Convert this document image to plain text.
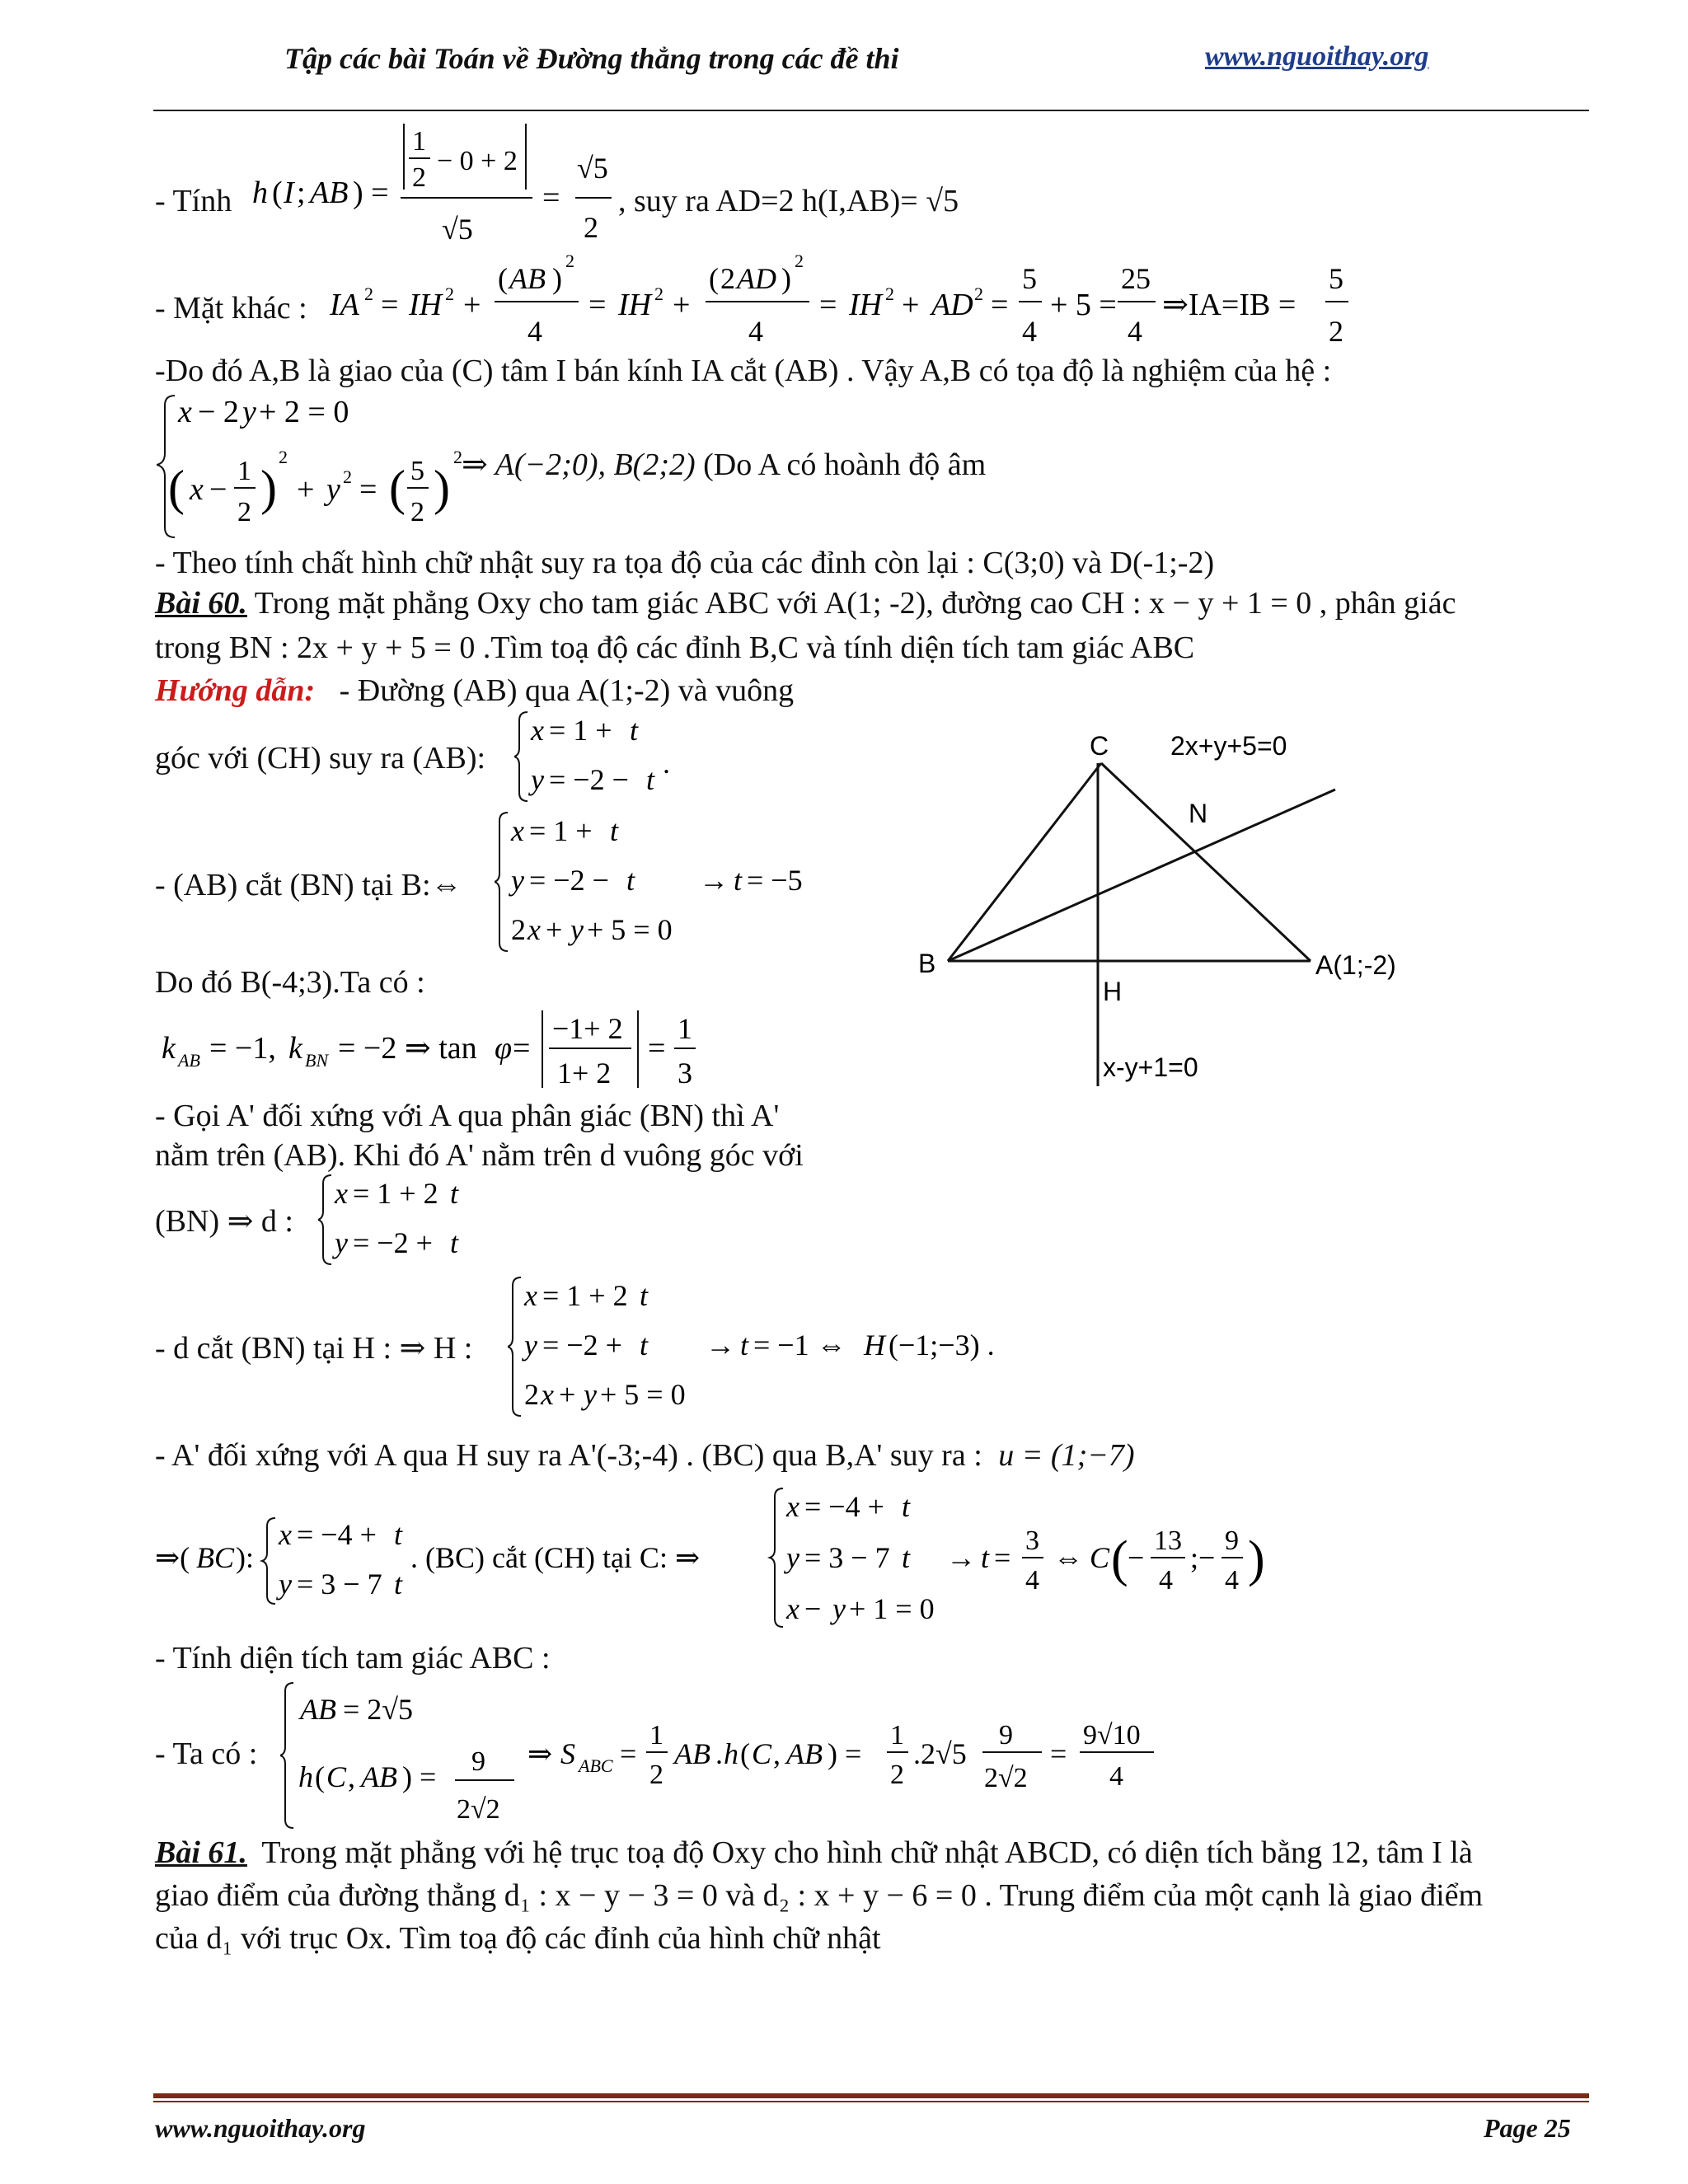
Tập các bài Toán về Đường thẳng trong các đề thi	www.nguoithay.org
- Tính h ( I ; AB ) =
1
2
− 0 + 2
√5
=
√5
2
, suy ra AD=2 h(I,AB)= √5
- Mặt khác : IA 2 = IH 2 +
( AB )
2
4
= IH 2 +
( 2 AD )
2
4
= IH 2 + AD 2 =
5
4
+ 5 =
25
4
⇒IA=IB =
5
2
-Do đó A,B là giao của (C) tâm I bán kính IA cắt (AB) . Vậy A,B có tọa độ là nghiệm của hệ :
x − 2 y + 2 = 0
( x −
1
2 )
2
+ y 2 = ( 5
2 )
2 ⇒ A(−2;0), B(2;2) (Do A có hoành độ âm
- Theo tính chất hình chữ nhật suy ra tọa độ của các đỉnh còn lại : C(3;0) và D(-1;-2)
Bài 60. Trong mặt phẳng Oxy cho tam giác ABC với A(1; -2), đường cao CH : x − y + 1 = 0 , phân giác
trong BN : 2x + y + 5 = 0 .Tìm toạ độ các đỉnh B,C và tính diện tích tam giác ABC
Hướng dẫn: - Đường (AB) qua A(1;-2) và vuông
góc với (CH) suy ra (AB):
x = 1 + t
y = −2 − t .
- (AB) cắt (BN) tại B:⇔
x = 1 + t
y = −2 − t
2 x + y + 5 = 0
→ t = −5
Do đó B(-4;3).Ta có :
k AB = −1, k BN = −2 ⇒ tan φ =
−1+ 2
1+ 2
=
1
3
- Gọi A' đối xứng với A qua phân giác (BN) thì A'
nằm trên (AB). Khi đó A' nằm trên d vuông góc với
(BN) ⇒ d :
x = 1 + 2 t
y = −2 + t
- d cắt (BN) tại H : ⇒ H :
x = 1 + 2 t
y = −2 + t
2 x + y + 5 = 0
→ t = −1 ⇔ H (−1;−3) .
- A' đối xứng với A qua H suy ra A'(-3;-4) . (BC) qua B,A' suy ra : u = (1;−7)
⇒( BC ):
x = −4 + t
y = 3 − 7 t
. (BC) cắt (CH) tại C: ⇒
x = −4 + t
y = 3 − 7 t
x − y + 1 = 0
→ t =
3
4
⇔ C ( −
13
4
;−
9
4 )
- Tính diện tích tam giác ABC :
- Ta có :
AB = 2√5
h ( C , AB ) = 9
2√2
⇒ S ABC =
1
2
AB . h ( C , AB ) =
1
2
.2√5
9
2√2
=
9√10
4
Bài 61. Trong mặt phẳng với hệ trục toạ độ Oxy cho hình chữ nhật ABCD, có diện tích bằng 12, tâm I là
giao điểm của đường thẳng d₁ : x − y − 3 = 0 và d₂ : x + y − 6 = 0 . Trung điểm của một cạnh là giao điểm
của d₁ với trục Ox. Tìm toạ độ các đỉnh của hình chữ nhật
C 2x+y+5=0
N
B	A(1;-2)
H
x-y+1=0
www.nguoithay.org	Page 25
